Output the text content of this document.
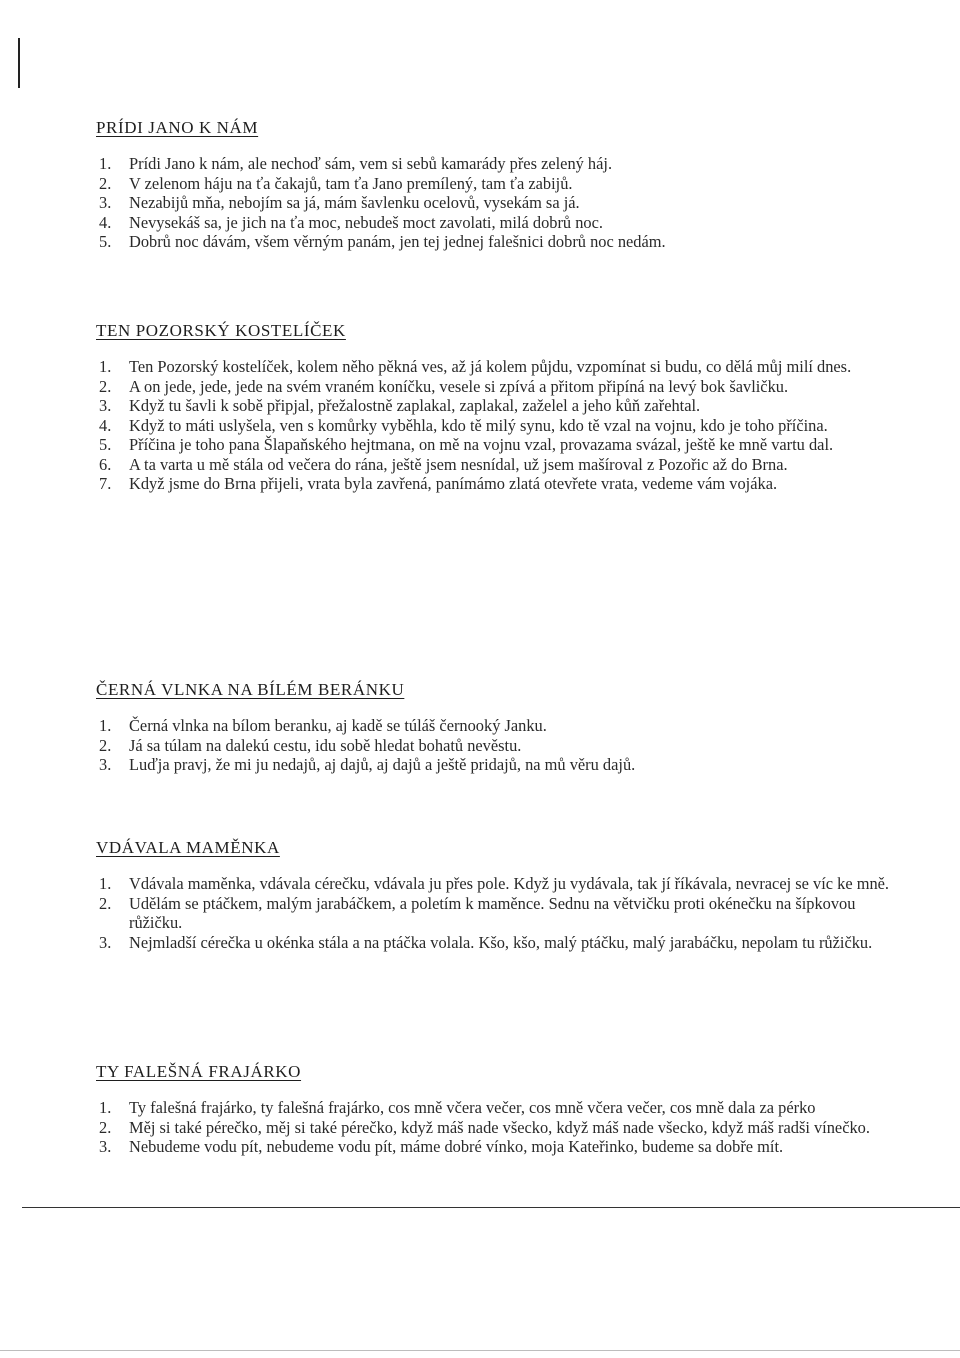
PRÍDI JANO K NÁM
1. Prídi Jano k nám, ale nechoď sám, vem si sebů kamarády přes zelený háj.
2. V zelenom háju na ťa čakajů, tam ťa Jano premílený, tam ťa zabijů.
3. Nezabijů mňa, nebojím sa já, mám šavlenku ocelovů, vysekám sa já.
4. Nevysekáš sa, je jich na ťa moc, nebudeš moct zavolati, milá dobrů noc.
5. Dobrů noc dávám, všem věrným panám, jen tej jednej falešnici dobrů noc nedám.
TEN POZORSKÝ KOSTELÍČEK
1. Ten Pozorský kostelíček, kolem něho pěkná ves, až já kolem půjdu, vzpomínat si budu, co dělá můj milí dnes.
2. A on jede, jede, jede na svém vraném koníčku, vesele si zpívá a přitom připíná na levý bok šavličku.
3. Když tu šavli k sobě připjal, přežalostně zaplakal, zaplakal, zaželel a jeho kůň zařehtal.
4. Když to máti uslyšela, ven s komůrky vyběhla, kdo tě milý synu, kdo tě vzal na vojnu, kdo je toho příčina.
5. Příčina je toho pana Šlapaňského hejtmana, on mě na vojnu vzal, provazama svázal, ještě ke mně vartu dal.
6. A ta varta u mě stála od večera do rána, ještě jsem nesnídal, už jsem mašíroval z Pozořic až do Brna.
7. Když jsme do Brna přijeli, vrata byla zavřená, panímámo zlatá otevřete vrata, vedeme vám vojáka.
ČERNÁ VLNKA NA BÍLÉM BERÁNKU
1. Černá vlnka na bílom beranku, aj kadě se túláš černooký Janku.
2. Já sa túlam na dalekú cestu, idu sobě hledat bohatů nevěstu.
3. Luďja pravj, že mi ju nedajů, aj dajů, aj dajů a ještě pridajů, na mů věru dajů.
VDÁVALA MAMĚNKA
1. Vdávala maměnka, vdávala cérečku, vdávala ju přes pole. Když ju vydávala, tak jí říkávala, nevracej se víc ke mně.
2. Udělám se ptáčkem, malým jarabáčkem, a poletím k maměnce. Sednu na větvičku proti okénečku na šípkovou růžičku.
3. Nejmladší cérečka u okénka stála a na ptáčka volala. Kšo, kšo, malý ptáčku, malý jarabáčku, nepolam tu růžičku.
TY FALEŠNÁ FRAJÁRKO
1. Ty falešná frajárko, ty falešná frajárko, cos mně včera večer, cos mně včera večer, cos mně dala za pérko
2. Měj si také pérečko, měj si také pérečko, když máš nade všecko, když máš nade všecko, když máš radši vínečko.
3. Nebudeme vodu pít, nebudeme vodu pít, máme dobré vínko, moja Kateřinko, budeme sa dobře mít.
